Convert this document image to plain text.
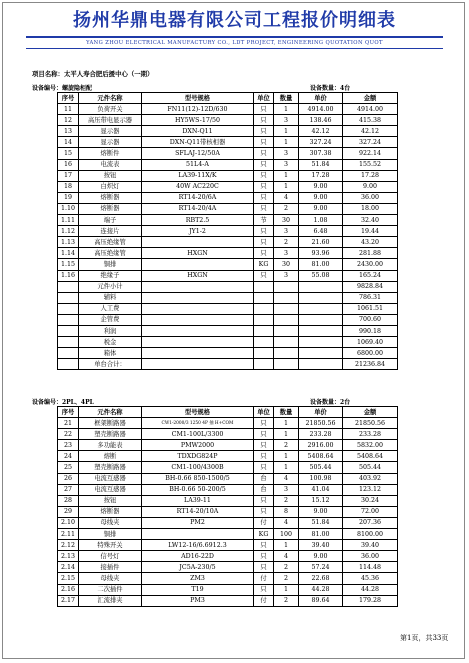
扬州华鼎电器有限公司工程报价明细表
YANG ZHOU ELECTRICAL MANUFACTURY CO., LDT PROJECT, ENGINEERING QUOTATION QUOT
项目名称：太平人寿合肥后援中心（一期）
设备编号：螺旋隐柜配	设备数量：4台
序号	元件名称	型号规格	单位	数量	单价	金额
11	负荷开关	FN11(12)-12D/630	只	1	4914.00	4914.00
12	高压带电显示器	HY5WS-17/50	只	3	138.46	415.38
13	显示器	DXN-Q11	只	1	42.12	42.12
14	显示器	DXN-Q11带核相器	只	1	327.24	327.24
15	熔断件	SFLAJ-12/50A	只	3	307.38	922.14
16	电流表	51L4-A	只	3	51.84	155.52
17	按钮	LA39-11X/K	只	1	17.28	17.28
18	白炽灯	40W AC220C	只	1	9.00	9.00
19	熔断器	RT14-20/6A	只	4	9.00	36.00
1.10	熔断器	RT14-20/4A	只	2	9.00	18.00
1.11	端子	RBT2.5	节	30	1.08	32.40
1.12	连接片	JY1-2	只	3	6.48	19.44
1.13	高压绝缘管		只	2	21.60	43.20
1.14	高压绝缘管	HXGN	只	3	93.96	281.88
1.15	铜排		KG	30	81.00	2430.00
1.16	绝缘子	HXGN	只	3	55.08	165.24
	元件小计					9828.84
	辅料					786.31
	人工费					1061.51
	企管费					700.60
	利润					990.18
	税金					1069.40
	箱体					6800.00
	单台合计：					21236.84
设备编号：2PL、4PL	设备数量：2台
序号	元件名称	型号规格	单位	数量	单价	金额
21	框架断路器	CW1-2000/3 1250 4P 抽 H+COM	只	1	21850.56	21850.56
22	塑壳断路器	CM1-100L/3300	只	1	233.28	233.28
23	多功能表	PMW2000	只	2	2916.00	5832.00
24	熔断	TDXDG824P	只	1	5408.64	5408.64
25	塑壳断路器	CM1-100/4300B	只	1	505.44	505.44
26	电流互感器	BH-0.66 850-1500/5	台	4	100.98	403.92
27	电流互感器	BH-0.66 50-200/5	台	3	41.04	123.12
28	按钮	LA39-11	只	2	15.12	30.24
29	熔断器	RT14-20/10A	只	8	9.00	72.00
2.10	母线夹	PM2	付	4	51.84	207.36
2.11	铜排		KG	100	81.00	8100.00
2.12	特殊开关	LW12-16/6.6912.3	只	1	39.40	39.40
2.13	信号灯	AD16-22D	只	4	9.00	36.00
2.14	接插件	JC5A-230/5	只	2	57.24	114.48
2.15	母线夹	ZM3	付	2	22.68	45.36
2.16	二次插件	T19	只	1	44.28	44.28
2.17	汇流排夹	PM3	付	2	89.64	179.28
第1页，共33页
